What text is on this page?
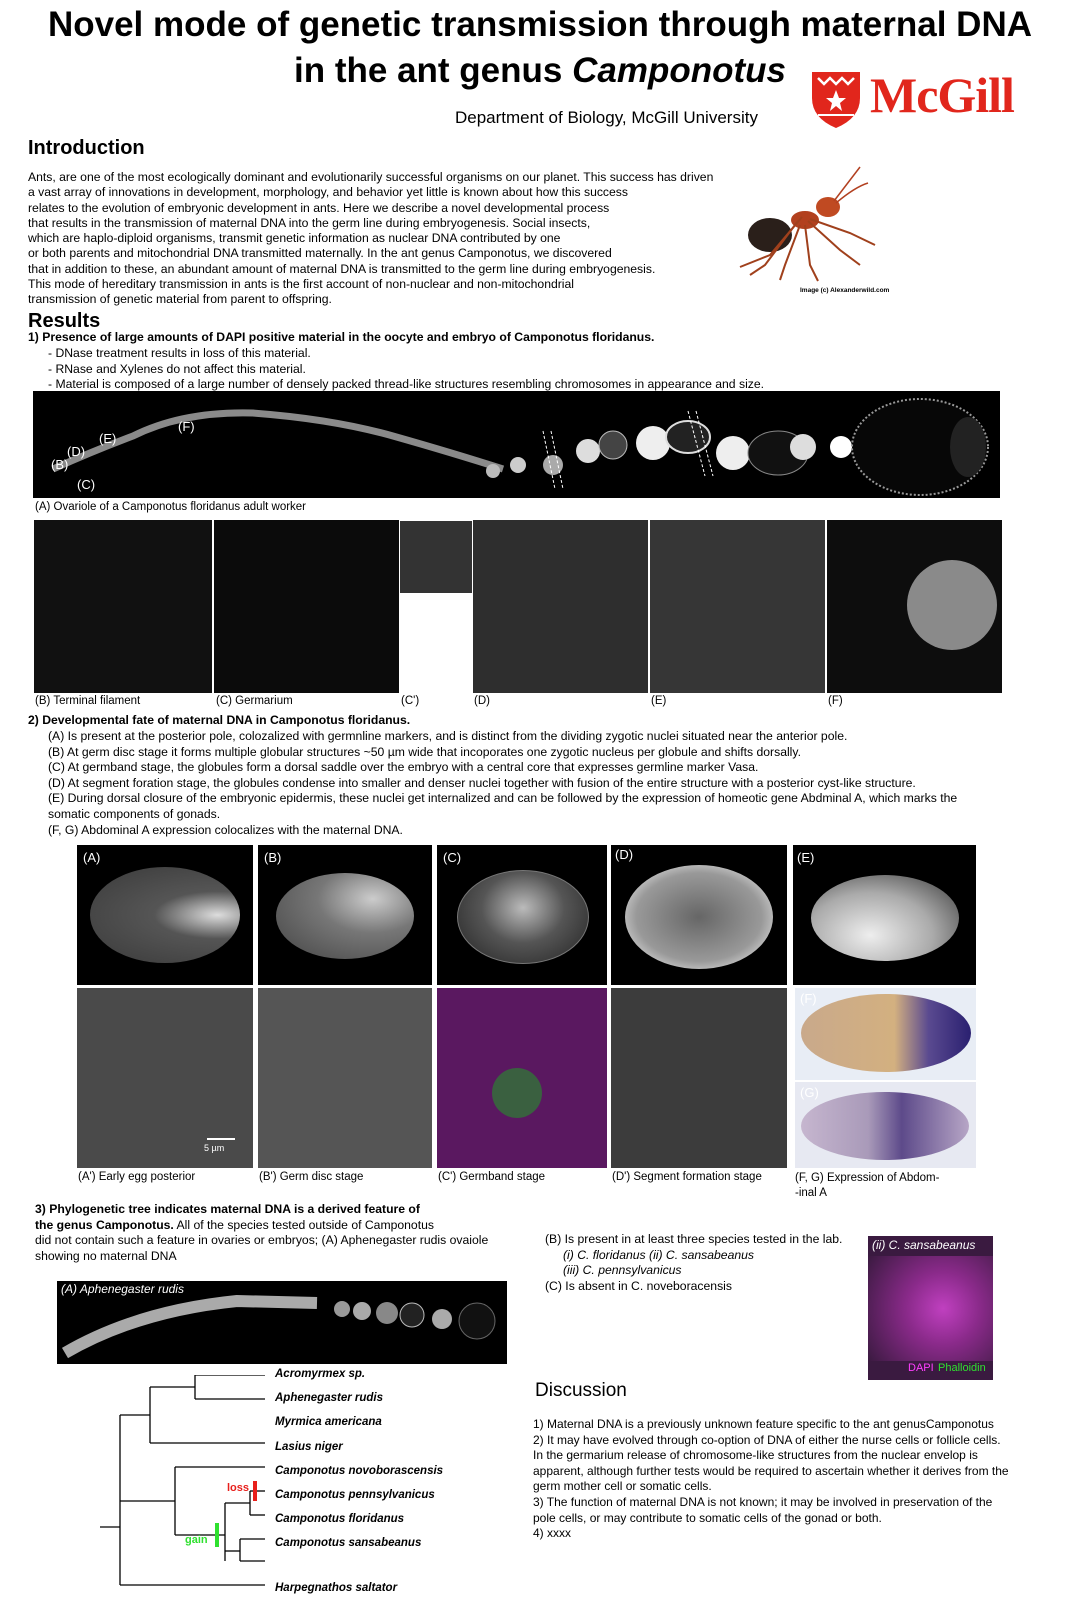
Novel mode of genetic transmission through maternal DNA
in the ant genus Camponotus
Department of Biology, McGill University McGill
Introduction
Ants, are one of the most ecologically dominant and evolutionarily successful organisms on our planet. This success has driven
a vast array of innovations in development, morphology, and behavior yet little is known about how this success
relates to the evolution of embryonic development in ants. Here we describe a novel developmental process
that results in the transmission of maternal DNA into the germ line during embryogenesis. Social insects,
which are haplo-diploid organisms, transmit genetic information as nuclear DNA contributed by one
or both parents and mitochondrial DNA transmitted maternally. In the ant genus Camponotus, we discovered
that in addition to these, an abundant amount of maternal DNA is transmitted to the germ line during embryogenesis.
This mode of hereditary transmission in ants is the first account of non-nuclear and non-mitochondrial
transmission of genetic material from parent to offspring.
Image (c) Alexanderwild.com
Results
1) Presence of large amounts of DAPI positive material in the oocyte and embryo of Camponotus floridanus.
- DNase treatment results in loss of this material.
- RNase and Xylenes do not affect this material.
- Material is composed of a large number of densely packed thread-like structures resembling chromosomes in appearance and size.
(B)
(C)
(D)
(E)
(F)
(A) Ovariole of a Camponotus floridanus adult worker
(B) Terminal filament	(C) Germarium	(C')	(D)	(E)	(F)
2) Developmental fate of maternal DNA in Camponotus floridanus.
(A) Is present at the posterior pole, colozalized with germnline markers, and is distinct from the dividing zygotic nuclei situated near the anterior pole.
(B) At germ disc stage it forms multiple globular structures ~50 µm wide that incoporates one zygotic nucleus per globule and shifts dorsally.
(C) At germband stage, the globules form a dorsal saddle over the embryo with a central core that expresses germline marker Vasa.
(D) At segment foration stage, the globules condense into smaller and denser nuclei together with fusion of the entire structure with a posterior cyst-like structure.
(E) During dorsal closure of the embryonic epidermis, these nuclei get internalized and can be followed by the expression of homeotic gene Abdminal A, which marks the
somatic components of gonads.
(F, G) Abdominal A expression colocalizes with the maternal DNA.
(A)	(B)	(C)	(D)	(E)
5 µm
(F)
(G)
(A') Early egg posterior	(B') Germ disc stage	(C') Germband stage	(D') Segment formation stage	(F, G) Expression of Abdom-
-inal A
3) Phylogenetic tree indicates maternal DNA is a derived feature of
the genus Camponotus. All of the species tested outside of Camponotus
did not contain such a feature in ovaries or embryos; (A) Aphenegaster rudis ovaiole
showing no maternal DNA
(B) Is present in at least three species tested in the lab.
(i) C. floridanus (ii) C. sansabeanus
(iii) C. pennsylvanicus
(C) Is absent in C. noveboracensis
(A) Aphenegaster rudis
(ii) C. sansabeanus
DAPI Phalloidin
loss
gain
Acromyrmex sp.
Aphenegaster rudis
Myrmica americana
Lasius niger
Camponotus novoborascensis
Camponotus pennsylvanicus
Camponotus floridanus
Camponotus sansabeanus
Harpegnathos saltator
Discussion
1) Maternal DNA is a previously unknown feature specific to the ant genusCamponotus
2) It may have evolved through co-option of DNA of either the nurse cells or follicle cells.
In the germarium release of chromosome-like structures from the nuclear envelop is
apparent, although further tests would be required to ascertain whether it derives from the
germ mother cell or somatic cells.
3) The function of maternal DNA is not known; it may be involved in preservation of the
pole cells, or may contribute to somatic cells of the gonad or both.
4) xxxx
